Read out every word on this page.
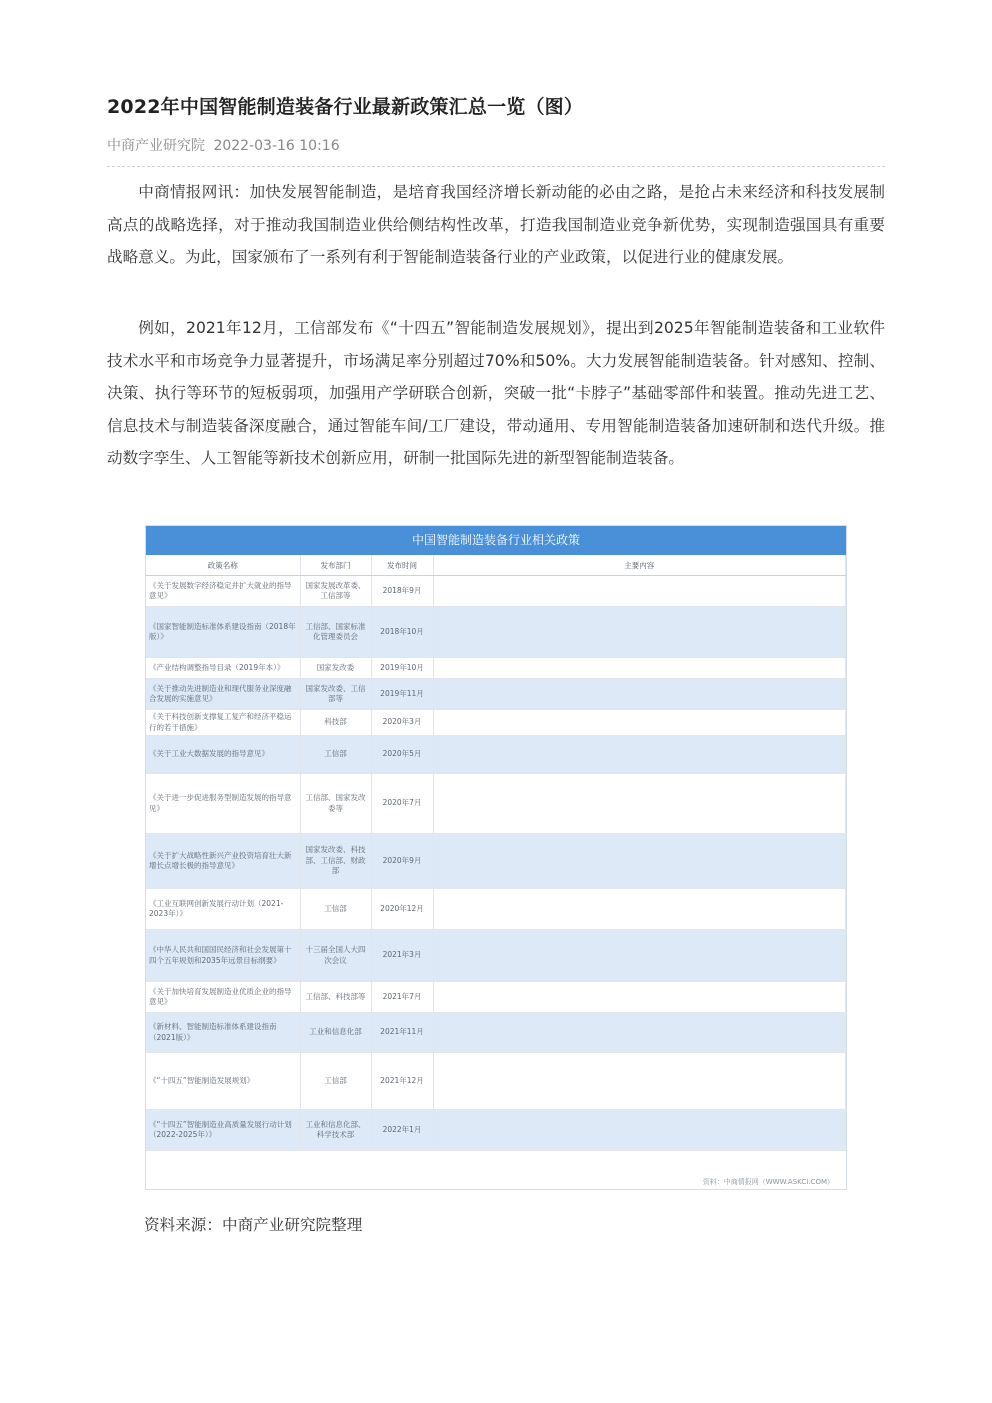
2022年中国智能制造装备行业最新政策汇总一览（图）
中商产业研究院 2022-03-16 10:16

中商情报网讯：加快发展智能制造，是培育我国经济增长新动能的必由之路，是抢占未来经济和科技发展制高点的战略选择，对于推动我国制造业供给侧结构性改革，打造我国制造业竞争新优势，实现制造强国具有重要战略意义。为此，国家颁布了一系列有利于智能制造装备行业的产业政策，以促进行业的健康发展。

例如，2021年12月，工信部发布《“十四五”智能制造发展规划》，提出到2025年智能制造装备和工业软件技术水平和市场竞争力显著提升，市场满足率分别超过70%和50%。大力发展智能制造装备。针对感知、控制、决策、执行等环节的短板弱项，加强用产学研联合创新，突破一批“卡脖子”基础零部件和装置。推动先进工艺、信息技术与制造装备深度融合，通过智能车间/工厂建设，带动通用、专用智能制造装备加速研制和迭代升级。推动数字孪生、人工智能等新技术创新应用，研制一批国际先进的新型智能制造装备。

中国智能制造装备行业相关政策
政策名称	发布部门	发布时间	主要内容
《关于发展数字经济稳定并扩大就业的指导意见》	国家发展改革委、工信部等	2018年9月	
《国家智能制造标准体系建设指南（2018年版）》	工信部、国家标准化管理委员会	2018年10月	
《产业结构调整指导目录（2019年本）》	国家发改委	2019年10月	
《关于推动先进制造业和现代服务业深度融合发展的实施意见》	国家发改委、工信部等	2019年11月	
《关于科技创新支撑复工复产和经济平稳运行的若干措施》	科技部	2020年3月	
《关于工业大数据发展的指导意见》	工信部	2020年5月	
《关于进一步促进服务型制造发展的指导意见》	工信部、国家发改委等	2020年7月	
《关于扩大战略性新兴产业投资培育壮大新增长点增长极的指导意见》	国家发改委、科技部、工信部、财政部	2020年9月	
《工业互联网创新发展行动计划（2021-2023年）》	工信部	2020年12月	
《中华人民共和国国民经济和社会发展第十四个五年规划和2035年远景目标纲要》	十三届全国人大四次会议	2021年3月	
《关于加快培育发展制造业优质企业的指导意见》	工信部、科技部等	2021年7月	
《新材料、智能制造标准体系建设指南（2021版）》	工业和信息化部	2021年11月	
《“十四五”智能制造发展规划》	工信部	2021年12月	
《“十四五”智能制造业高质量发展行动计划（2022-2025年）》	工业和信息化部、科学技术部	2022年1月	
资料：中商情报网（WWW.ASKCI.COM）
资料来源：中商产业研究院整理
